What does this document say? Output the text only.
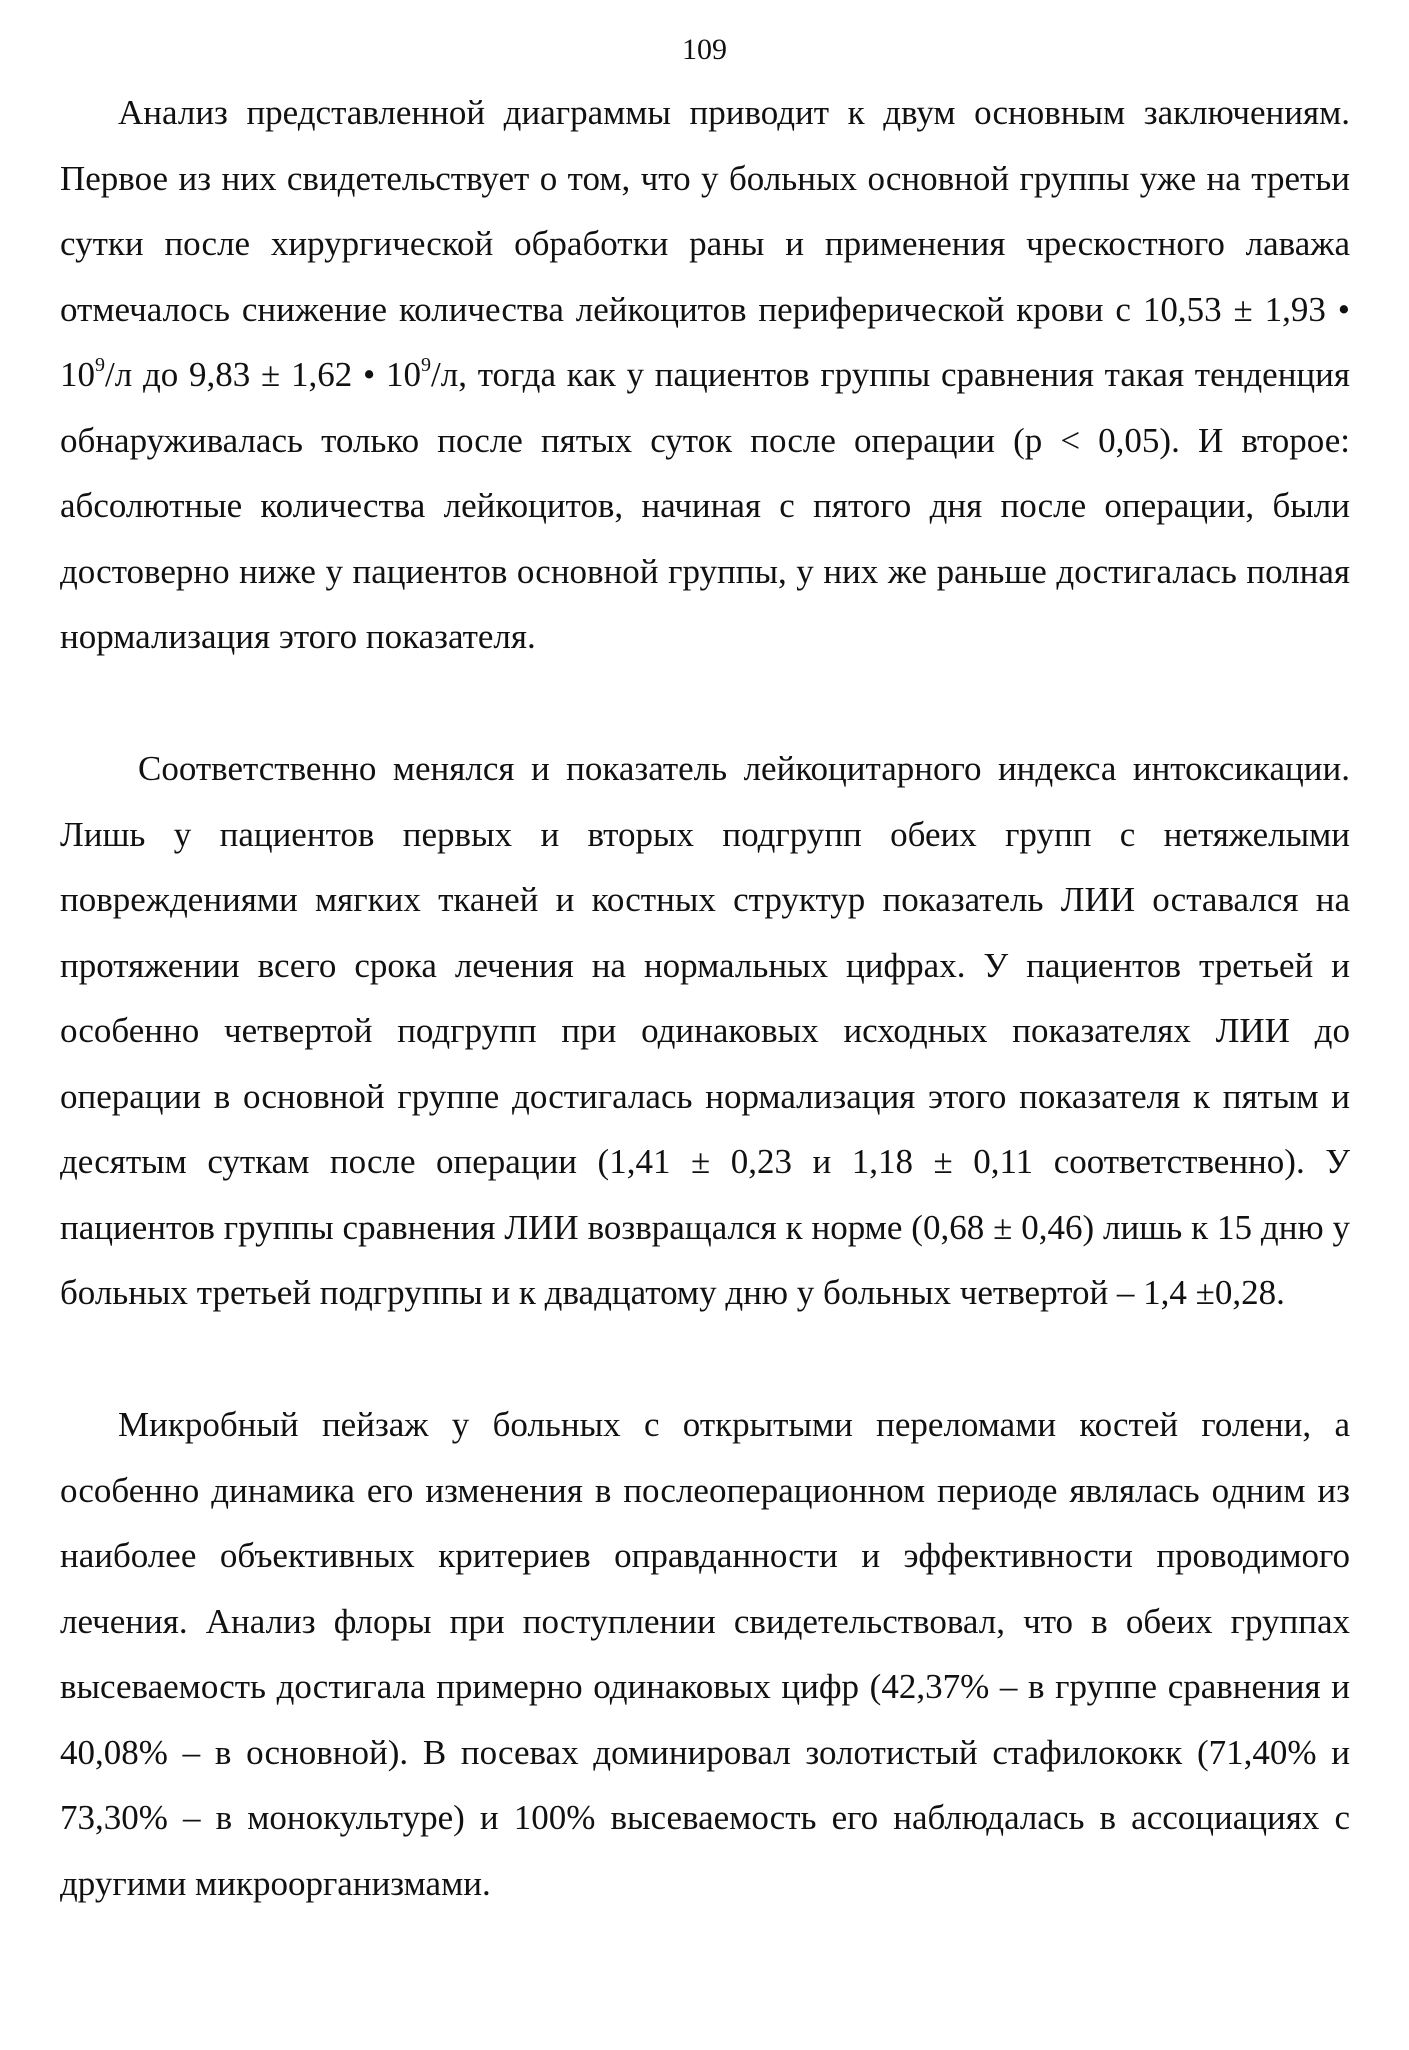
109

Анализ представленной диаграммы приводит к двум основным заключениям. Первое из них свидетельствует о том, что у больных основной группы уже на третьи сутки после хирургической обработки раны и применения чрескостного лаважа отмечалось снижение количества лейкоцитов периферической крови с 10,53 ± 1,93 • $10^9/л$ до 9,83 ± 1,62 • $10^9/л$, тогда как у пациентов группы сравнения такая тенденция обнаруживалась только после пятых суток после операции (р < 0,05). И второе: абсолютные количества лейкоцитов, начиная с пятого дня после операции, были достоверно ниже у пациентов основной группы, у них же раньше достигалась полная нормализация этого показателя.

Соответственно менялся и показатель лейкоцитарного индекса интоксикации. Лишь у пациентов первых и вторых подгрупп обеих групп с нетяжелыми повреждениями мягких тканей и костных структур показатель ЛИИ оставался на протяжении всего срока лечения на нормальных цифрах. У пациентов третьей и особенно четвертой подгрупп при одинаковых исходных показателях ЛИИ до операции в основной группе достигалась нормализация этого показателя к пятым и десятым суткам после операции (1,41 ± 0,23 и 1,18 ± 0,11 соответственно). У пациентов группы сравнения ЛИИ возвращался к норме (0,68 ± 0,46) лишь к 15 дню у больных третьей подгруппы и к двадцатому дню у больных четвертой – 1,4 ±0,28.

Микробный пейзаж у больных с открытыми переломами костей голени, а особенно динамика его изменения в послеоперационном периоде являлась одним из наиболее объективных критериев оправданности и эффективности проводимого лечения. Анализ флоры при поступлении свидетельствовал, что в обеих группах высеваемость достигала примерно одинаковых цифр (42,37% – в группе сравнения и 40,08% – в основной). В посевах доминировал золотистый стафилококк (71,40% и 73,30% – в монокультуре) и 100% высеваемость его наблюдалась в ассоциациях с другими микроорганизмами.
